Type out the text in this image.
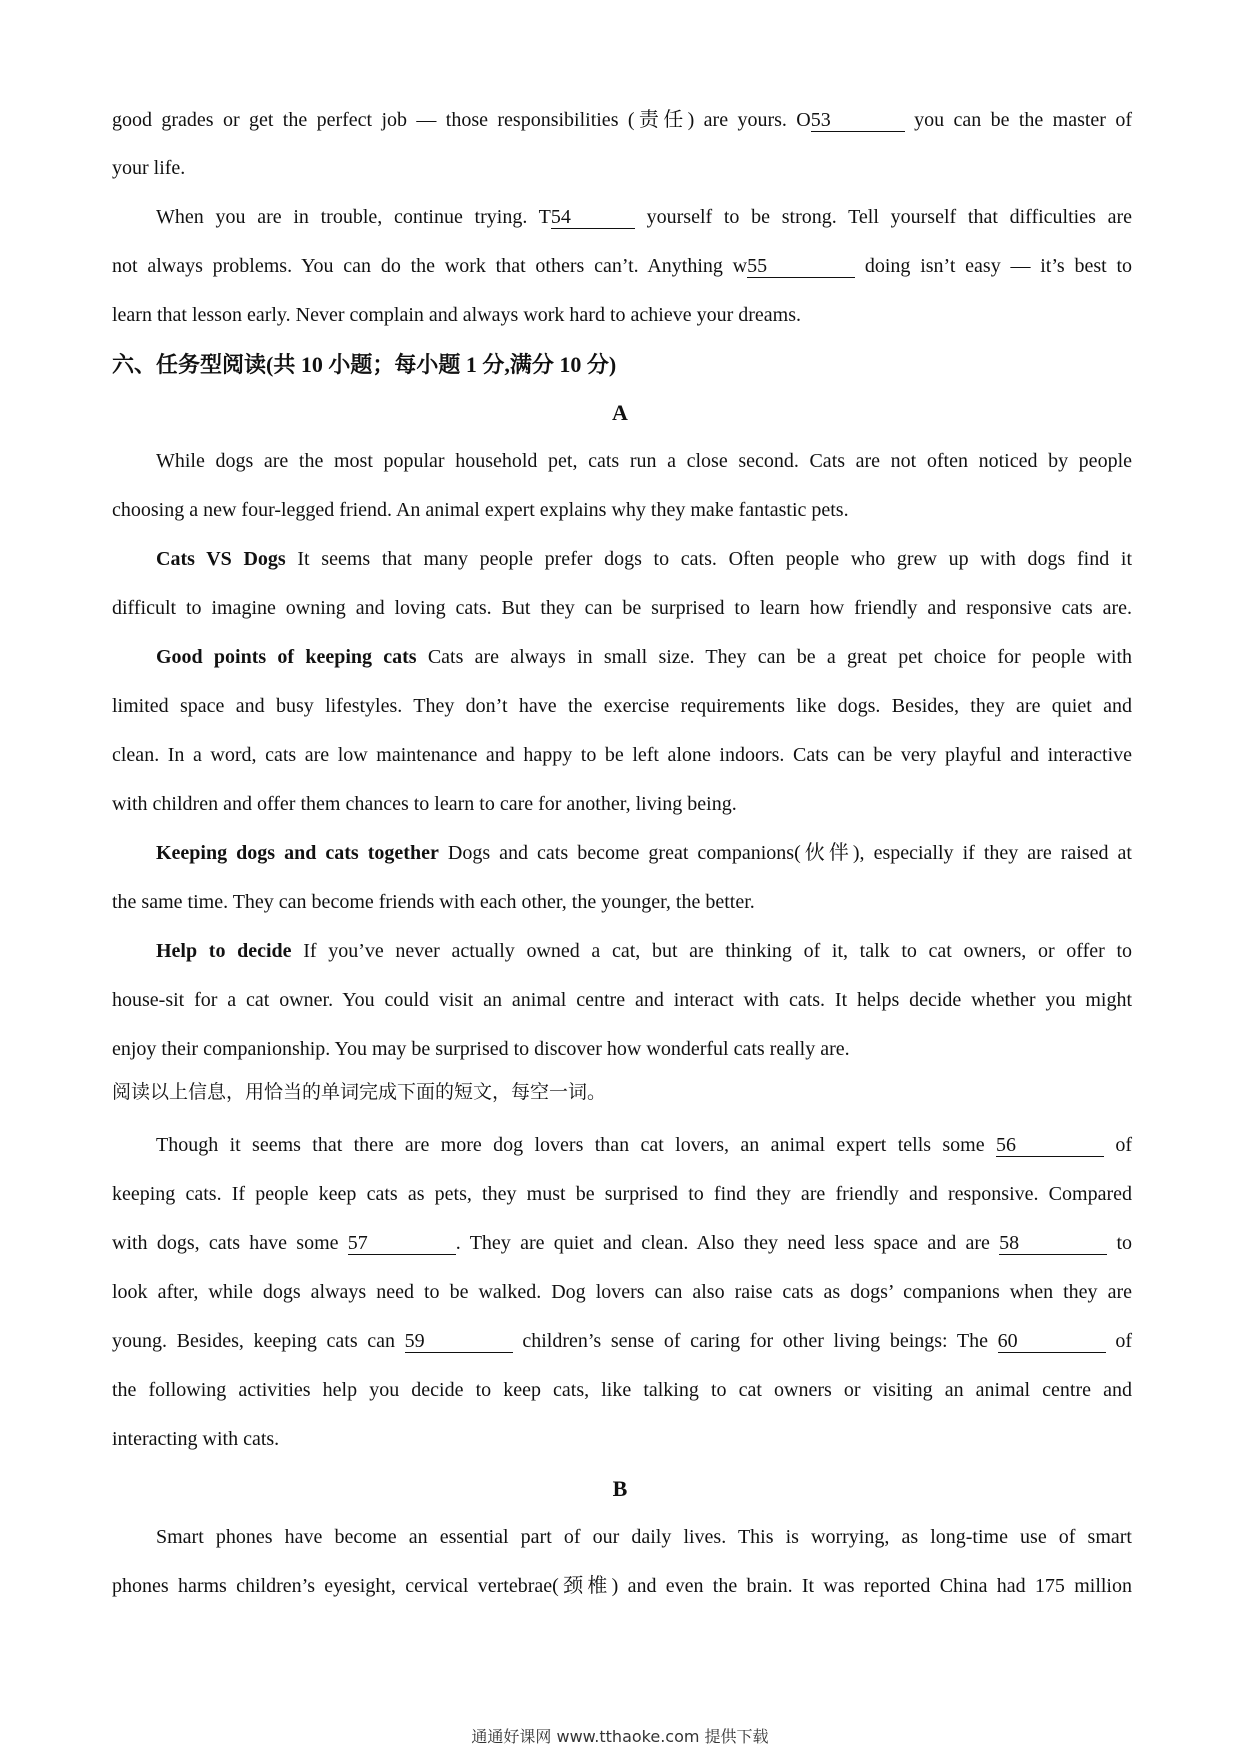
good grades or get the perfect job — those responsibilities (责任) are yours. O53	you can be the master of
your life.
When you are in trouble, continue trying. T54	yourself to be strong. Tell yourself that difficulties are
not always problems. You can do the work that others can’t. Anything w55	doing isn’t easy — it’s best to
learn that lesson early. Never complain and always work hard to achieve your dreams.
六、任务型阅读(共 10 小题；每小题 1 分,满分 10 分)
A
While dogs are the most popular household pet, cats run a close second. Cats are not often noticed by people
choosing a new four-legged friend. An animal expert explains why they make fantastic pets.
Cats VS Dogs It seems that many people prefer dogs to cats. Often people who grew up with dogs find it
difficult to imagine owning and loving cats. But they can be surprised to learn how friendly and responsive cats are.
Good points of keeping cats Cats are always in small size. They can be a great pet choice for people with
limited space and busy lifestyles. They don’t have the exercise requirements like dogs. Besides, they are quiet and
clean. In a word, cats are low maintenance and happy to be left alone indoors. Cats can be very playful and interactive
with children and offer them chances to learn to care for another, living being.
Keeping dogs and cats together Dogs and cats become great companions(伙伴), especially if they are raised at
the same time. They can become friends with each other, the younger, the better.
Help to decide If you’ve never actually owned a cat, but are thinking of it, talk to cat owners, or offer to
house-sit for a cat owner. You could visit an animal centre and interact with cats. It helps decide whether you might
enjoy their companionship. You may be surprised to discover how wonderful cats really are.
阅读以上信息，用恰当的单词完成下面的短文，每空一词。
Though it seems that there are more dog lovers than cat lovers, an animal expert tells some 56	of
keeping cats. If people keep cats as pets, they must be surprised to find they are friendly and responsive. Compared
with dogs, cats have some 57	. They are quiet and clean. Also they need less space and are 58	to
look after, while dogs always need to be walked. Dog lovers can also raise cats as dogs’ companions when they are
young. Besides, keeping cats can 59	children’s sense of caring for other living beings: The 60	of
the following activities help you decide to keep cats, like talking to cat owners or visiting an animal centre and
interacting with cats.
B
Smart phones have become an essential part of our daily lives. This is worrying, as long-time use of smart
phones harms children’s eyesight, cervical vertebrae(颈椎) and even the brain. It was reported China had 175 million
通通好课网 www.tthaoke.com 提供下载
